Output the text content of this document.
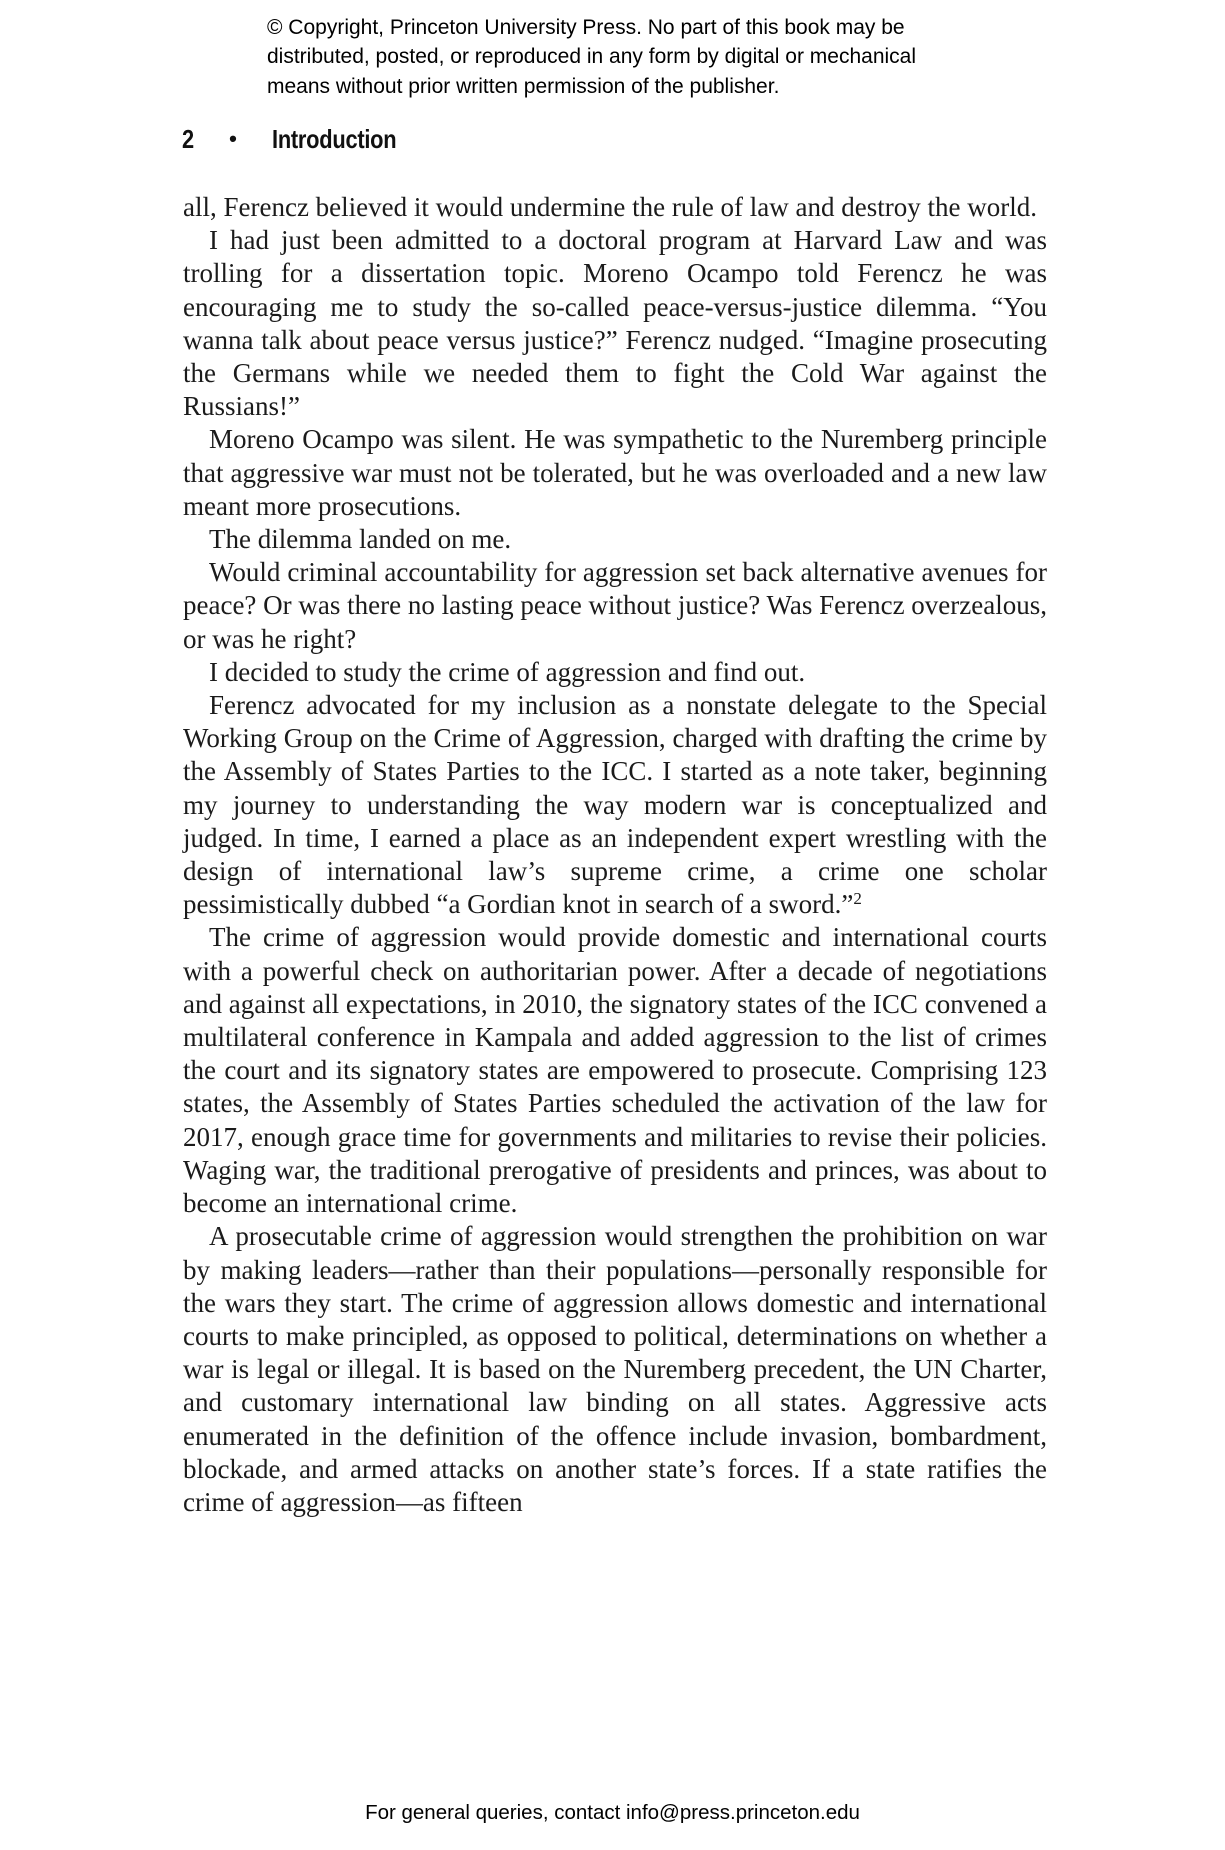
© Copyright, Princeton University Press. No part of this book may be
distributed, posted, or reproduced in any form by digital or mechanical
means without prior written permission of the publisher.
2 • Introduction

all, Ferencz believed it would undermine the rule of law and destroy the world.

I had just been admitted to a doctoral program at Harvard Law and was trolling for a dissertation topic. Moreno Ocampo told Ferencz he was encouraging me to study the so-called peace-versus-justice dilemma. “You wanna talk about peace versus justice?” Ferencz nudged. “Imagine prosecuting the Germans while we needed them to fight the Cold War against the Russians!”

Moreno Ocampo was silent. He was sympathetic to the Nuremberg principle that aggressive war must not be tolerated, but he was overloaded and a new law meant more prosecutions.

The dilemma landed on me.

Would criminal accountability for aggression set back alternative avenues for peace? Or was there no lasting peace without justice? Was Ferencz overzealous, or was he right?

I decided to study the crime of aggression and find out.

Ferencz advocated for my inclusion as a nonstate delegate to the Special Working Group on the Crime of Aggression, charged with drafting the crime by the Assembly of States Parties to the ICC. I started as a note taker, beginning my journey to understanding the way modern war is conceptualized and judged. In time, I earned a place as an independent expert wrestling with the design of international law’s supreme crime, a crime one scholar pessimistically dubbed “a Gordian knot in search of a sword.”$^2$

The crime of aggression would provide domestic and international courts with a powerful check on authoritarian power. After a decade of negotiations and against all expectations, in 2010, the signatory states of the ICC convened a multilateral conference in Kampala and added aggression to the list of crimes the court and its signatory states are empowered to prosecute. Comprising 123 states, the Assembly of States Parties scheduled the activation of the law for 2017, enough grace time for governments and militaries to revise their policies. Waging war, the traditional prerogative of presidents and princes, was about to become an international crime.

A prosecutable crime of aggression would strengthen the prohibition on war by making leaders—rather than their populations—personally responsible for the wars they start. The crime of aggression allows domestic and international courts to make principled, as opposed to political, determinations on whether a war is legal or illegal. It is based on the Nuremberg precedent, the UN Charter, and customary international law binding on all states. Aggressive acts enumerated in the definition of the offence include invasion, bombardment, blockade, and armed attacks on another state’s forces. If a state ratifies the crime of aggression—as fifteen

For general queries, contact info@press.princeton.edu
